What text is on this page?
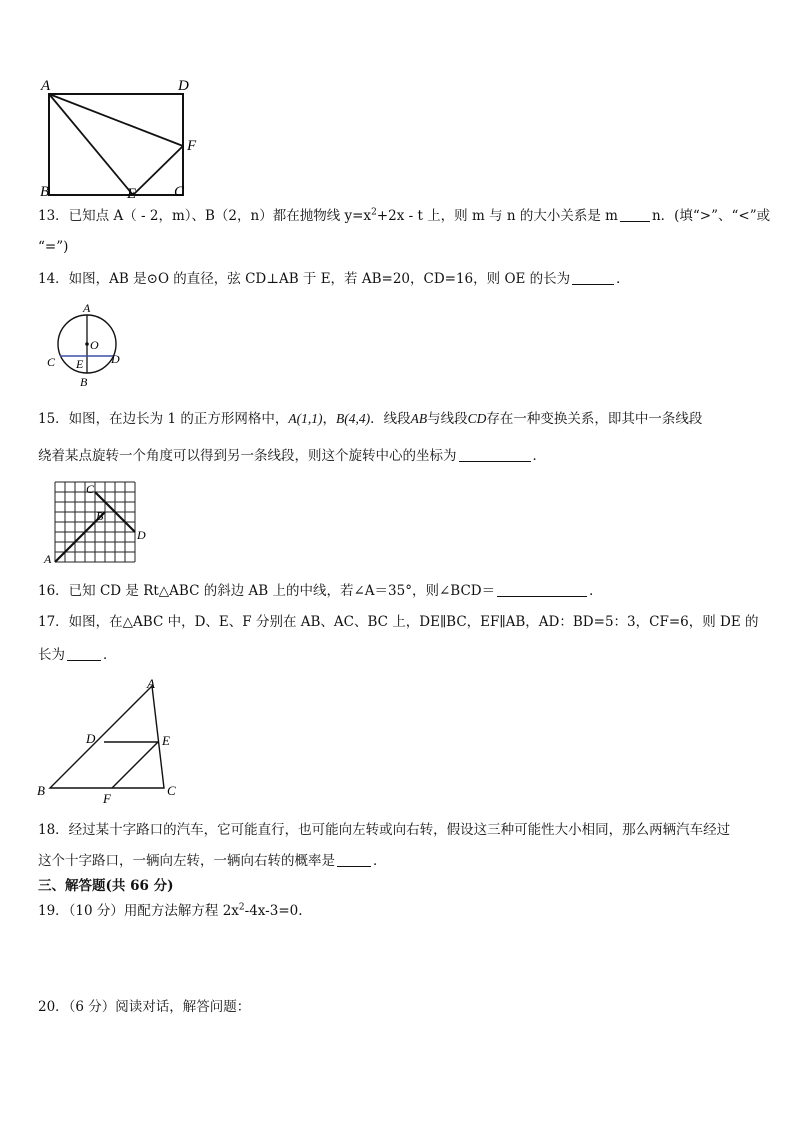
A	D
F
B	E	C
13．已知点 A（ - 2，m）、B（2，n）都在抛物线 $y=x^2+2x - t$ 上，则 m 与 n 的大小关系是 m	n．(填“>”、“<”或
“=”)
14．如图，AB 是⊙O 的直径，弦 CD⊥AB 于 E，若 AB=20，CD=16，则 OE 的长为	．
A
O
C E D
B
15．如图，在边长为 1 的正方形网格中，A(1,1)，B(4,4)．线段AB与线段CD存在一种变换关系，即其中一条线段
绕着某点旋转一个角度可以得到另一条线段，则这个旋转中心的坐标为	．
C
B
D
A
16．已知 CD 是 Rt△ABC 的斜边 AB 上的中线，若∠A＝35°，则∠BCD＝	．
17．如图，在△ABC 中，D、E、F 分别在 AB、AC、BC 上，DE∥BC，EF∥AB，AD：BD=5：3，CF=6，则 DE 的
长为	．
A
D	E
B
F
C
18．经过某十字路口的汽车，它可能直行，也可能向左转或向右转，假设这三种可能性大小相同，那么两辆汽车经过
这个十字路口，一辆向左转，一辆向右转的概率是	．
三、解答题(共 66 分)
19．（10 分）用配方法解方程 $2x^2-4x-3=0$.
20．（6 分）阅读对话，解答问题：
